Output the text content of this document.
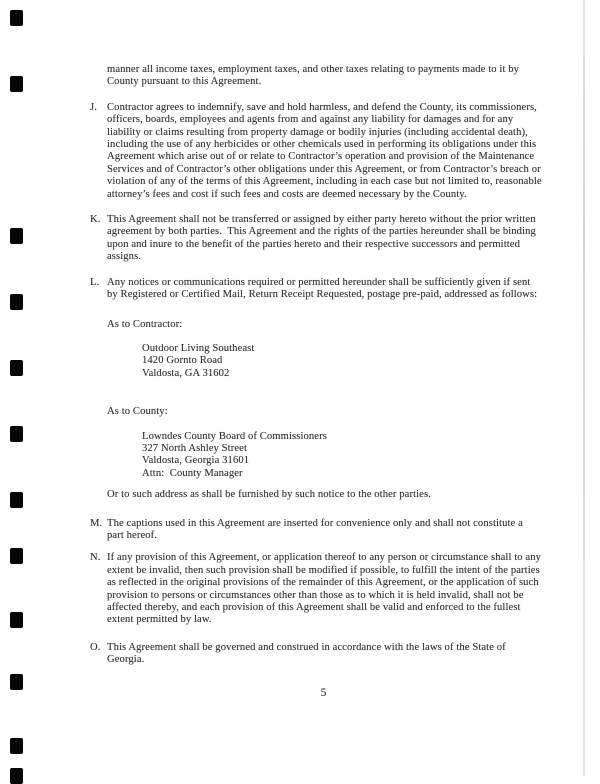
manner all income taxes, employment taxes, and other taxes relating to payments made to it by County pursuant to this Agreement.
J. Contractor agrees to indemnify, save and hold harmless, and defend the County, its commissioners, officers, boards, employees and agents from and against any liability for damages and for any liability or claims resulting from property damage or bodily injuries (including accidental death), including the use of any herbicides or other chemicals used in performing its obligations under this Agreement which arise out of or relate to Contractor’s operation and provision of the Maintenance Services and of Contractor’s other obligations under this Agreement, or from Contractor’s breach or violation of any of the terms of this Agreement, including in each case but not limited to, reasonable attorney’s fees and cost if such fees and costs are deemed necessary by the County.
K. This Agreement shall not be transferred or assigned by either party hereto without the prior written agreement by both parties.  This Agreement and the rights of the parties hereunder shall be binding upon and inure to the benefit of the parties hereto and their respective successors and permitted assigns.
L. Any notices or communications required or permitted hereunder shall be sufficiently given if sent by Registered or Certified Mail, Return Receipt Requested, postage pre-paid, addressed as follows:
As to Contractor:
Outdoor Living Southeast
1420 Gornto Road
Valdosta, GA 31602
As to County:
Lowndes County Board of Commissioners
327 North Ashley Street
Valdosta, Georgia 31601
Attn:  County Manager
Or to such address as shall be furnished by such notice to the other parties.
M. The captions used in this Agreement are inserted for convenience only and shall not constitute a part hereof.
N. If any provision of this Agreement, or application thereof to any person or circumstance shall to any extent be invalid, then such provision shall be modified if possible, to fulfill the intent of the parties as reflected in the original provisions of the remainder of this Agreement, or the application of such provision to persons or circumstances other than those as to which it is held invalid, shall not be affected thereby, and each provision of this Agreement shall be valid and enforced to the fullest extent permitted by law.
O. This Agreement shall be governed and construed in accordance with the laws of the State of Georgia.
5
